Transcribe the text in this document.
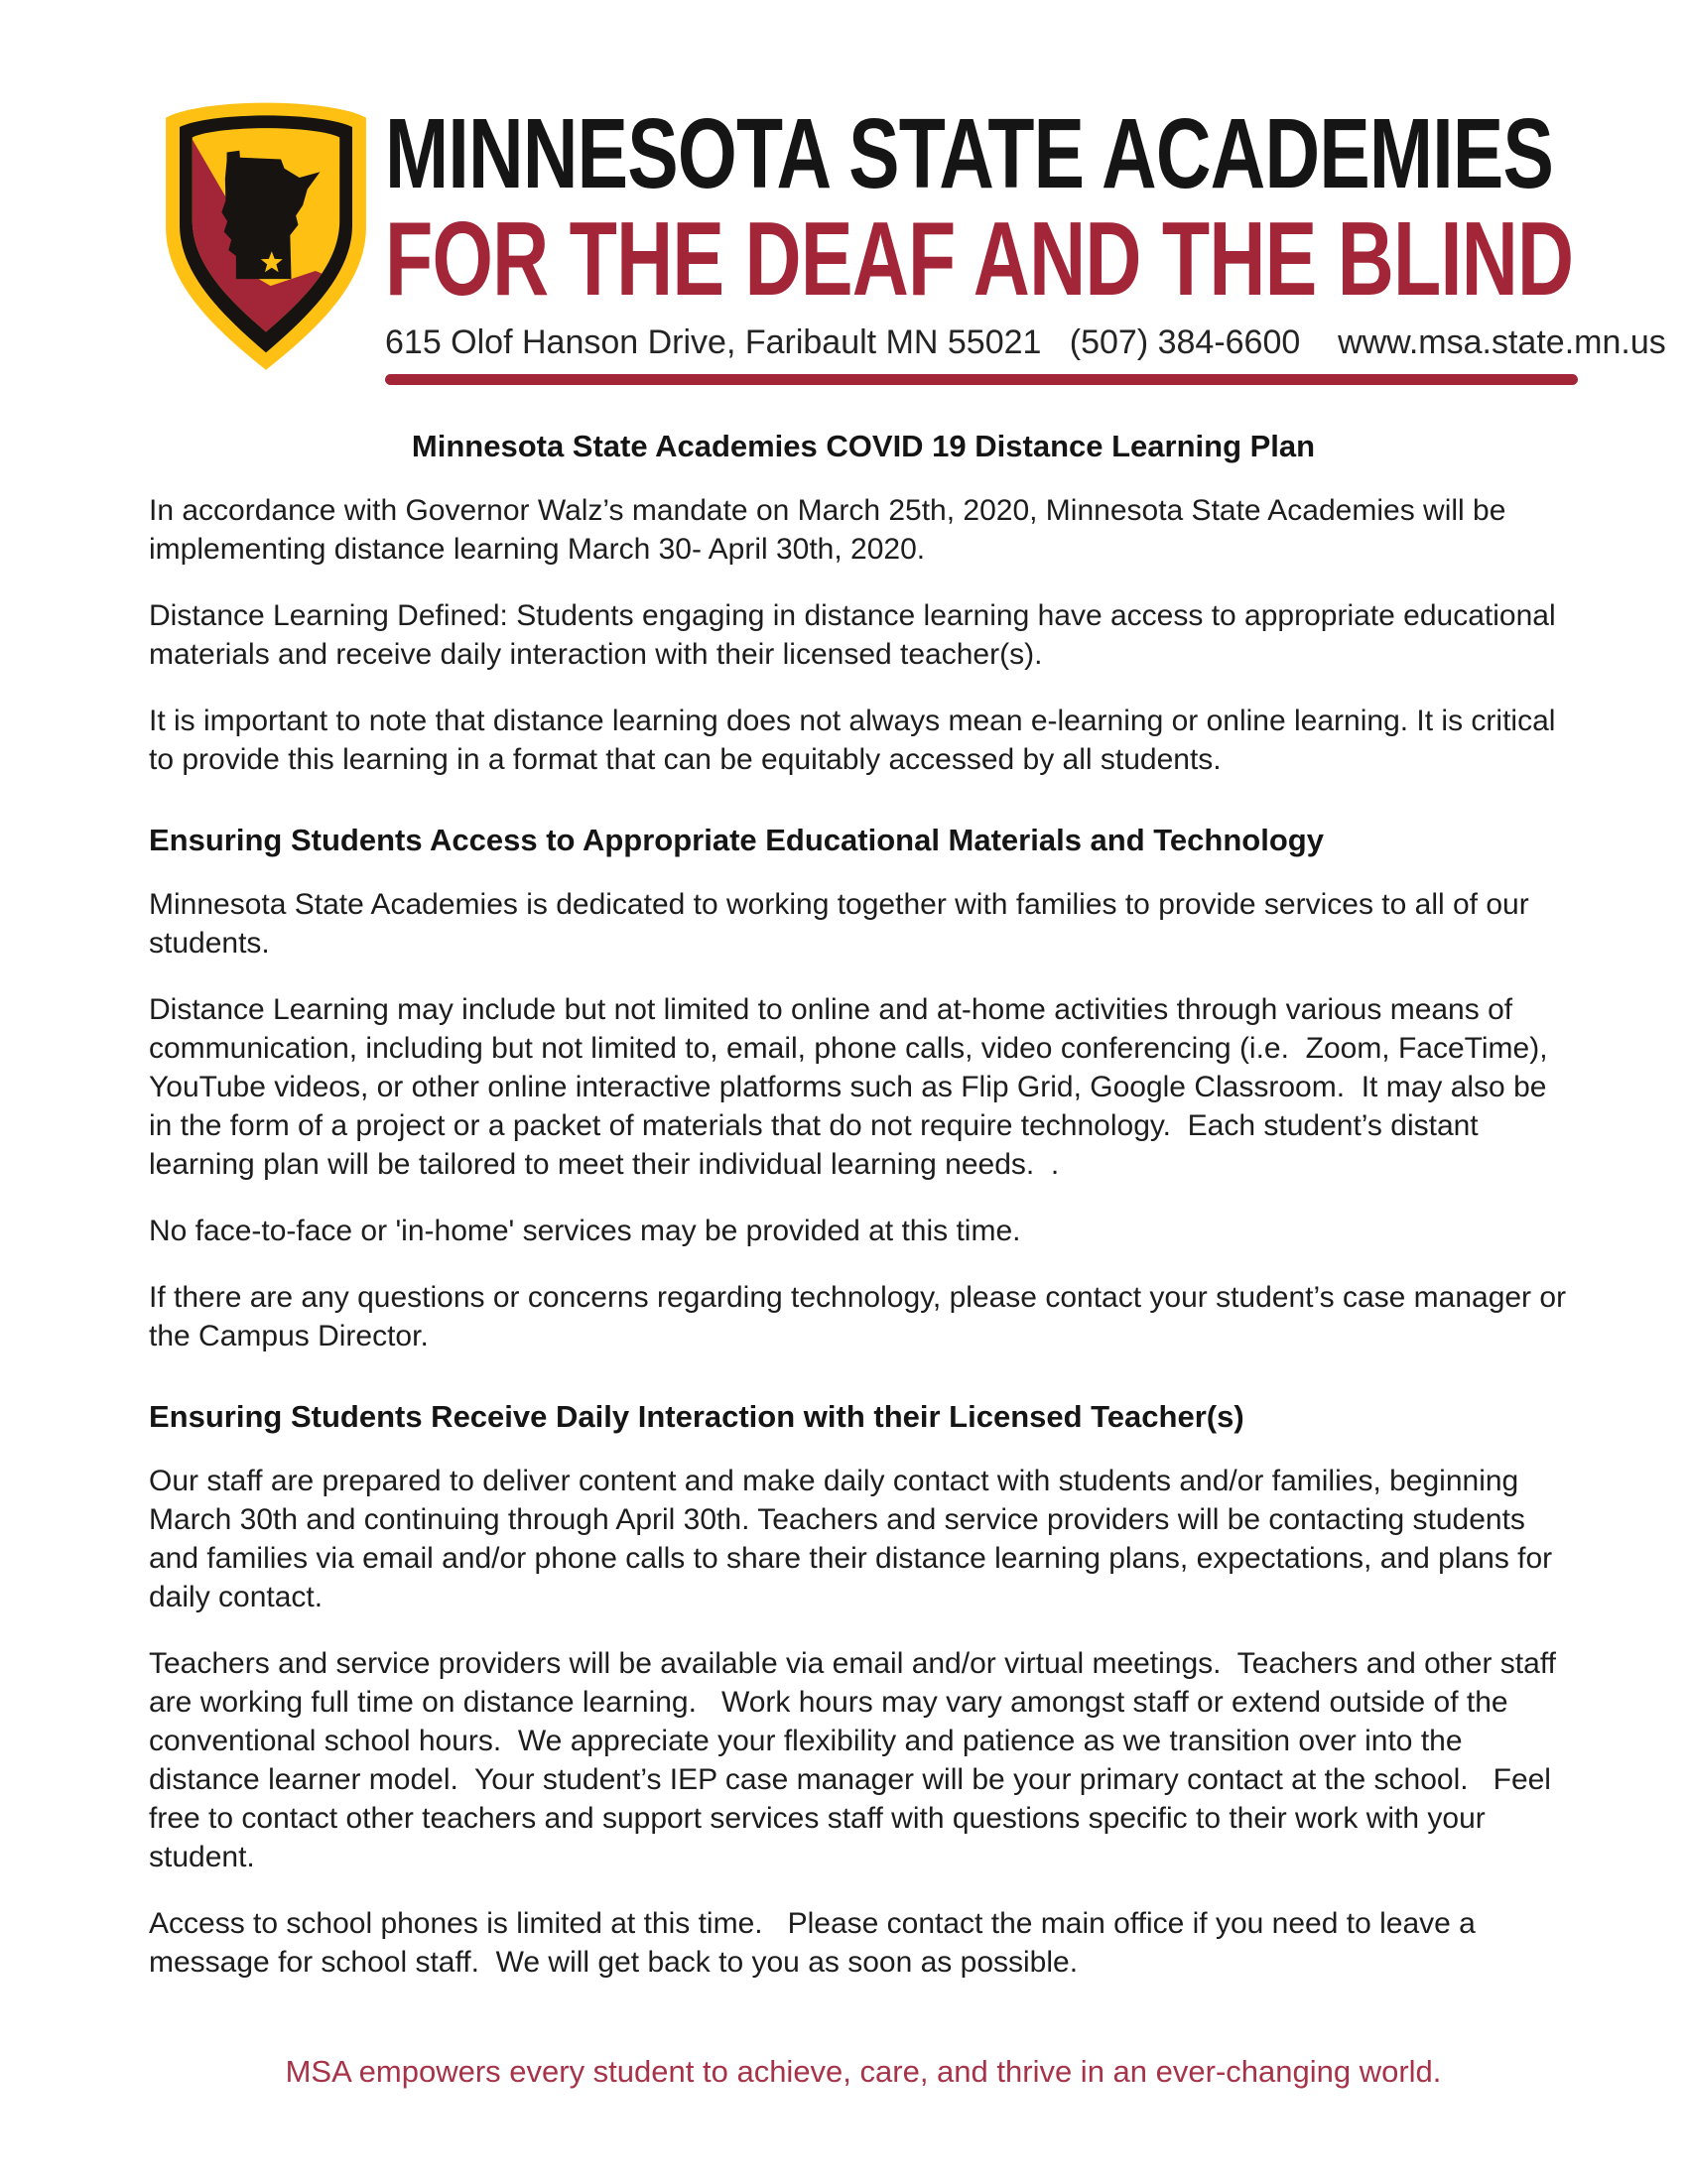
MINNESOTA STATE ACADEMIES
FOR THE DEAF AND THE BLIND
615 Olof Hanson Drive, Faribault MN 55021   (507) 384-6600    www.msa.state.mn.us
Minnesota State Academies COVID 19 Distance Learning Plan

In accordance with Governor Walz’s mandate on March 25th, 2020, Minnesota State Academies will be implementing distance learning March 30- April 30th, 2020.

Distance Learning Defined: Students engaging in distance learning have access to appropriate educational materials and receive daily interaction with their licensed teacher(s).

It is important to note that distance learning does not always mean e-learning or online learning. It is critical to provide this learning in a format that can be equitably accessed by all students.

Ensuring Students Access to Appropriate Educational Materials and Technology

Minnesota State Academies is dedicated to working together with families to provide services to all of our students.

Distance Learning may include but not limited to online and at-home activities through various means of communication, including but not limited to, email, phone calls, video conferencing (i.e.  Zoom, FaceTime), YouTube videos, or other online interactive platforms such as Flip Grid, Google Classroom.  It may also be in the form of a project or a packet of materials that do not require technology.  Each student’s distant learning plan will be tailored to meet their individual learning needs.  .

No face-to-face or 'in-home' services may be provided at this time.

If there are any questions or concerns regarding technology, please contact your student’s case manager or the Campus Director.

Ensuring Students Receive Daily Interaction with their Licensed Teacher(s)

Our staff are prepared to deliver content and make daily contact with students and/or families, beginning March 30th and continuing through April 30th. Teachers and service providers will be contacting students and families via email and/or phone calls to share their distance learning plans, expectations, and plans for daily contact.

Teachers and service providers will be available via email and/or virtual meetings.  Teachers and other staff are working full time on distance learning.   Work hours may vary amongst staff or extend outside of the conventional school hours.  We appreciate your flexibility and patience as we transition over into the distance learner model.  Your student’s IEP case manager will be your primary contact at the school.   Feel free to contact other teachers and support services staff with questions specific to their work with your student.

Access to school phones is limited at this time.   Please contact the main office if you need to leave a message for school staff.  We will get back to you as soon as possible.

MSA empowers every student to achieve, care, and thrive in an ever-changing world.
